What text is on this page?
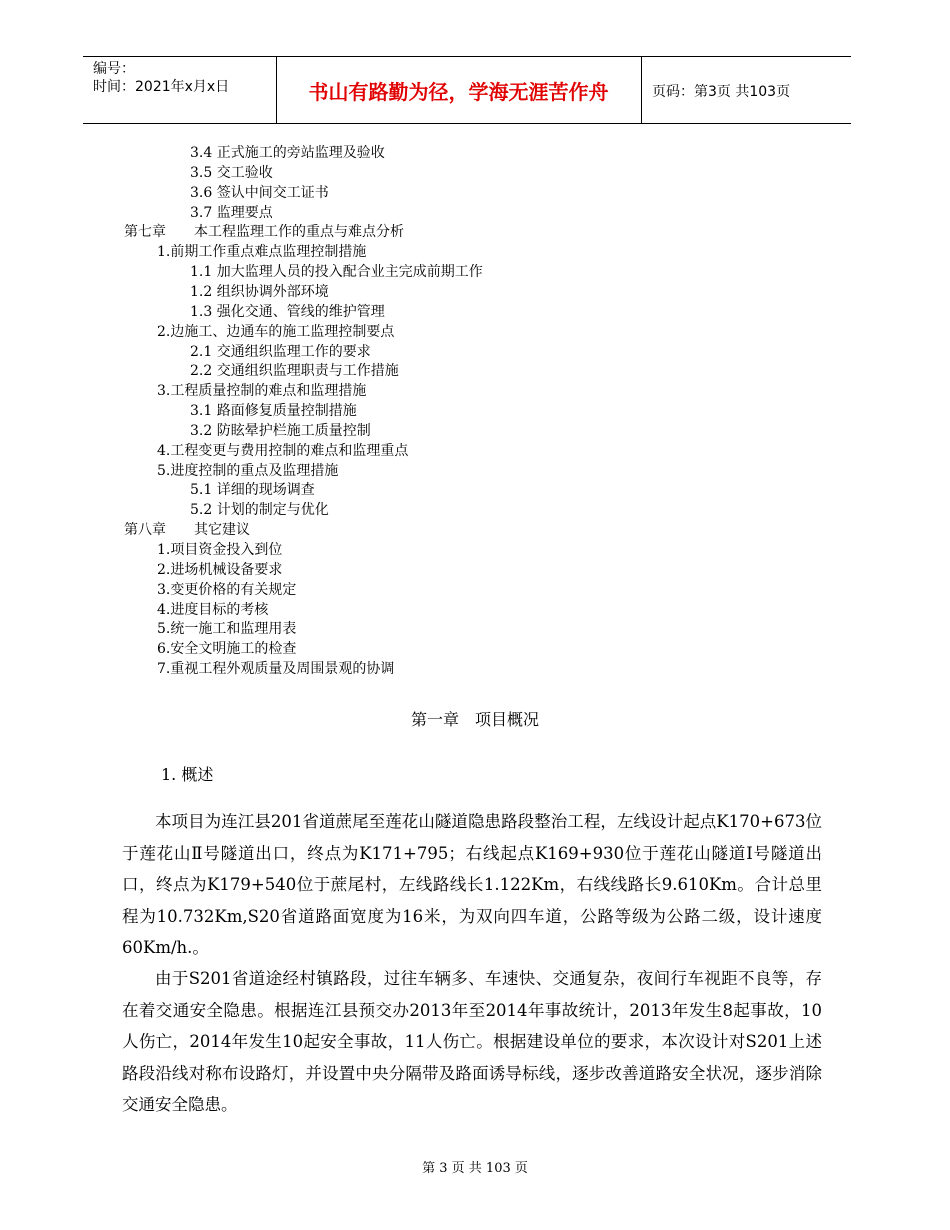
编号：
时间：2021年x月x日	书山有路勤为径，学海无涯苦作舟	页码：第3页 共103页
3.4 正式施工的旁站监理及验收
3.5 交工验收
3.6 签认中间交工证书
3.7 监理要点
第七章　　本工程监理工作的重点与难点分析
1.前期工作重点难点监理控制措施
1.1 加大监理人员的投入配合业主完成前期工作
1.2 组织协调外部环境
1.3 强化交通、管线的维护管理
2.边施工、边通车的施工监理控制要点
2.1 交通组织监理工作的要求
2.2 交通组织监理职责与工作措施
3.工程质量控制的难点和监理措施
3.1 路面修复质量控制措施
3.2 防眩晕护栏施工质量控制
4.工程变更与费用控制的难点和监理重点
5.进度控制的重点及监理措施
5.1 详细的现场调查
5.2 计划的制定与优化
第八章　　其它建议
1.项目资金投入到位
2.进场机械设备要求
3.变更价格的有关规定
4.进度目标的考核
5.统一施工和监理用表
6.安全文明施工的检查
7.重视工程外观质量及周围景观的协调
第一章　项目概况
1. 概述
本项目为连江县201省道蔗尾至莲花山隧道隐患路段整治工程，左线设计起点K170+673位于莲花山Ⅱ号隧道出口，终点为K171+795；右线起点K169+930位于莲花山隧道Ⅰ号隧道出口，终点为K179+540位于蔗尾村，左线路线长1.122Km，右线线路长9.610Km。合计总里程为10.732Km,S20省道路面宽度为16米，为双向四车道，公路等级为公路二级，设计速度60Km/h.。
由于S201省道途经村镇路段，过往车辆多、车速快、交通复杂，夜间行车视距不良等，存在着交通安全隐患。根据连江县预交办2013年至2014年事故统计，2013年发生8起事故，10人伤亡，2014年发生10起安全事故，11人伤亡。根据建设单位的要求，本次设计对S201上述路段沿线对称布设路灯，并设置中央分隔带及路面诱导标线，逐步改善道路安全状况，逐步消除交通安全隐患。
第 3 页 共 103 页
